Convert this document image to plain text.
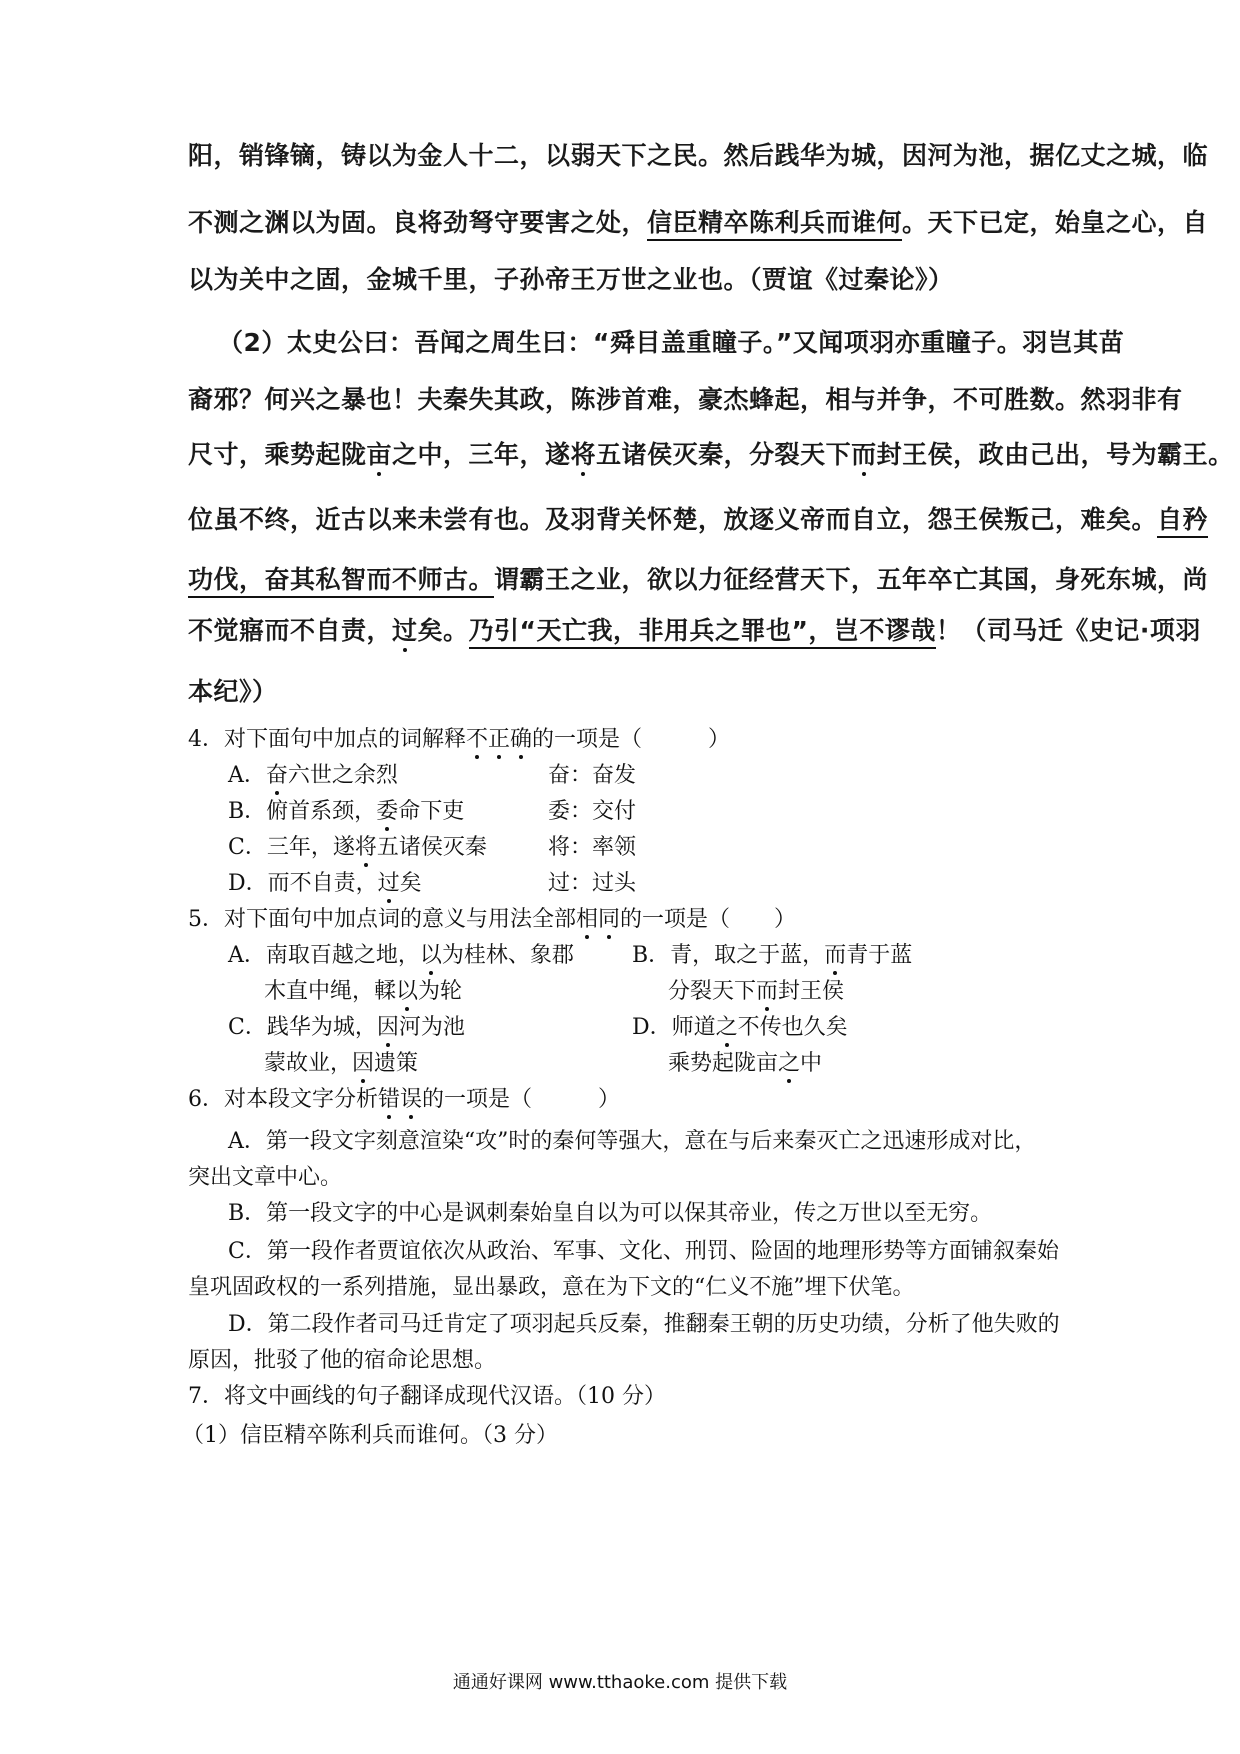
阳，销锋镝，铸以为金人十二，以弱天下之民。然后践华为城，因河为池，据亿丈之城，临
不测之渊以为固。良将劲弩守要害之处，信臣精卒陈利兵而谁何。天下已定，始皇之心，自
以为关中之固，金城千里，子孙帝王万世之业也。（贾谊《过秦论》）
（2）太史公曰：吾闻之周生曰：“舜目盖重瞳子。”又闻项羽亦重瞳子。羽岂其苗
裔邪？何兴之暴也！夫秦失其政，陈涉首难，豪杰蜂起，相与并争，不可胜数。然羽非有
尺寸，乘势起陇亩之中，三年，遂将五诸侯灭秦，分裂天下而封王侯，政由己出，号为霸王。
位虽不终，近古以来未尝有也。及羽背关怀楚，放逐义帝而自立，怨王侯叛己，难矣。自矜
功伐，奋其私智而不师古。谓霸王之业，欲以力征经营天下，五年卒亡其国，身死东城，尚
不觉寤而不自责，过矣。乃引“天亡我，非用兵之罪也”，岂不谬哉！（司马迁《史记·项羽
本纪》）
4．对下面句中加点的词解释不正确的一项是（　　　）
A．奋六世之余烈	奋：奋发
B．俯首系颈，委命下吏	委：交付
C．三年，遂将五诸侯灭秦	将：率领
D．而不自责，过矣	过：过头
5．对下面句中加点词的意义与用法全部相同的一项是（　　）
A．南取百越之地，以为桂林、象郡	B．青，取之于蓝，而青于蓝
木直中绳，輮以为轮	分裂天下而封王侯
C．践华为城，因河为池	D．师道之不传也久矣
蒙故业，因遗策	乘势起陇亩之中
6．对本段文字分析错误的一项是（　　　）
A．第一段文字刻意渲染“攻”时的秦何等强大，意在与后来秦灭亡之迅速形成对比，
突出文章中心。
B．第一段文字的中心是讽刺秦始皇自以为可以保其帝业，传之万世以至无穷。
C．第一段作者贾谊依次从政治、军事、文化、刑罚、险固的地理形势等方面铺叙秦始
皇巩固政权的一系列措施，显出暴政，意在为下文的“仁义不施”埋下伏笔。
D．第二段作者司马迁肯定了项羽起兵反秦，推翻秦王朝的历史功绩，分析了他失败的
原因，批驳了他的宿命论思想。
7．将文中画线的句子翻译成现代汉语。（10 分）
（1）信臣精卒陈利兵而谁何。（3 分）
通通好课网 www.tthaoke.com 提供下载
